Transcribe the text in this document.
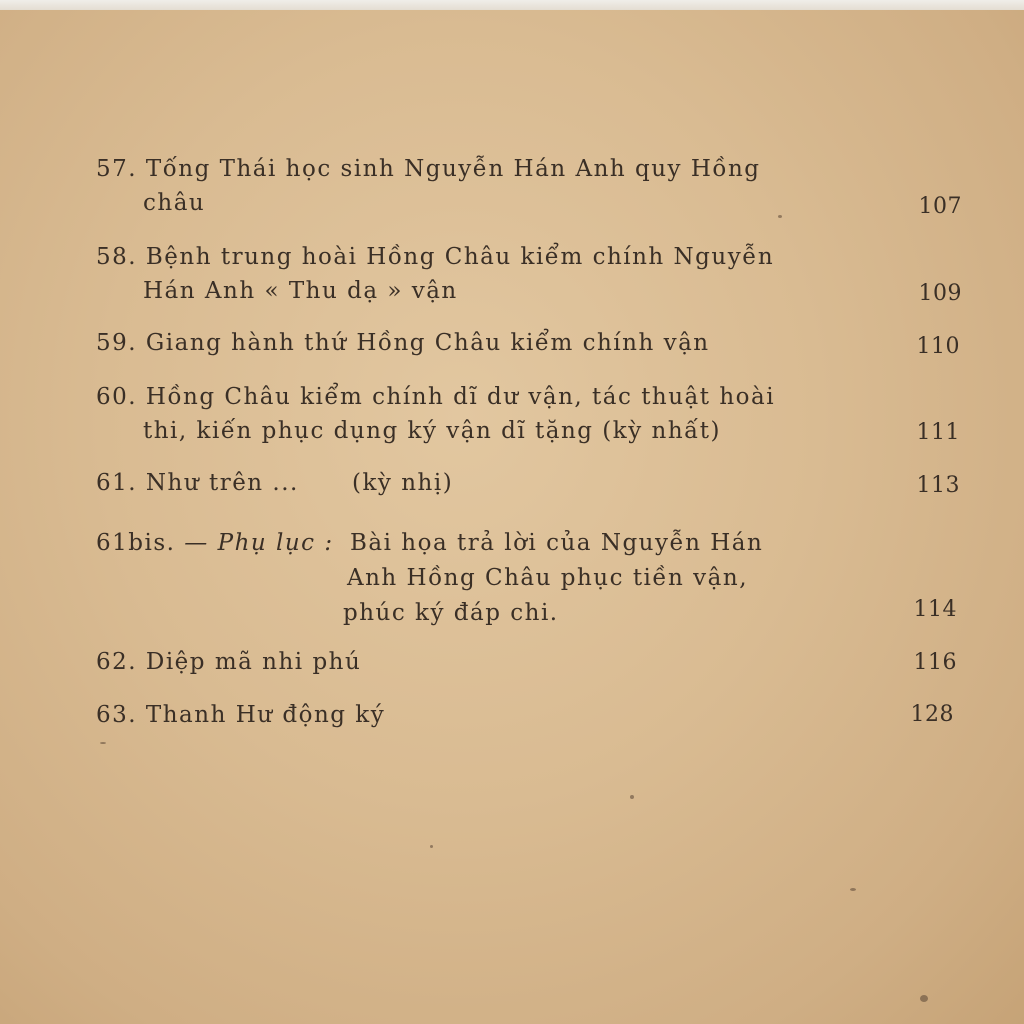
57. Tống Thái học sinh Nguyễn Hán Anh quy Hồng
châu	107
58. Bệnh trung hoài Hồng Châu kiểm chính Nguyễn
Hán Anh « Thu dạ » vận	109
59. Giang hành thứ Hồng Châu kiểm chính vận	110
60. Hồng Châu kiểm chính dĩ dư vận, tác thuật hoài
thi, kiến phục dụng ký vận dĩ tặng (kỳ nhất)	111
61. Như trên ... (kỳ nhị)	113
61bis. — Phụ lục : Bài họa trả lời của Nguyễn Hán
Anh Hồng Châu phục tiền vận,
phúc ký đáp chi.	114
62. Diệp mã nhi phú	116
63. Thanh Hư động ký	128
